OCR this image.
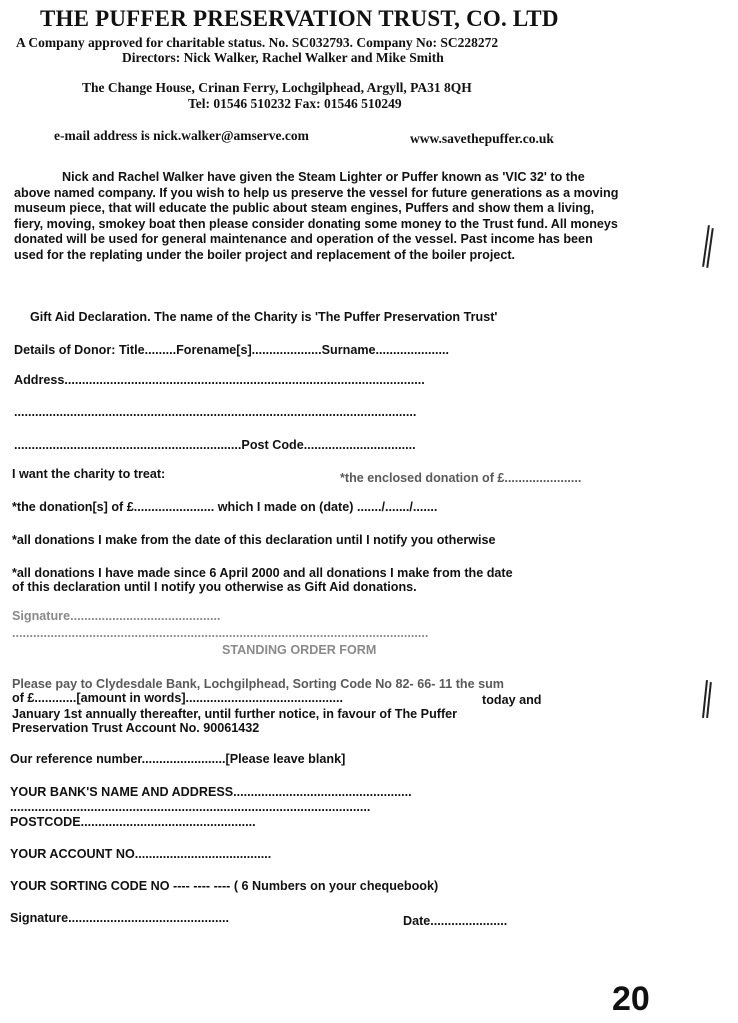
THE PUFFER PRESERVATION TRUST, CO. LTD
A Company approved for charitable status. No. SC032793. Company No: SC228272
Directors: Nick Walker, Rachel Walker and Mike Smith
The Change House, Crinan Ferry, Lochgilphead, Argyll, PA31 8QH
Tel: 01546 510232 Fax: 01546 510249
e-mail address is nick.walker@amserve.com	www.savethepuffer.co.uk
Nick and Rachel Walker have given the Steam Lighter or Puffer known as 'VIC 32' to the above named company. If you wish to help us preserve the vessel for future generations as a moving museum piece, that will educate the public about steam engines, Puffers and show them a living, fiery, moving, smokey boat then please consider donating some money to the Trust fund. All moneys donated will be used for general maintenance and operation of the vessel. Past income has been used for the replating under the boiler project and replacement of the boiler project.
Gift Aid Declaration. The name of the Charity is 'The Puffer Preservation Trust'
Details of Donor: Title.........Forename[s]....................Surname.....................
Address.......................................................................................................
...................................................................................................................
.................................................................Post Code................................
I want the charity to treat:	*the enclosed donation of £......................
*the donation[s] of £....................... which I made on (date) ......./......./.......
*all donations I make from the date of this declaration until I notify you otherwise
*all donations I have made since 6 April 2000 and all donations I make from the date
of this declaration until I notify you otherwise as Gift Aid donations.
Signature...........................................
.......................................................................................................................
STANDING ORDER FORM
Please pay to Clydesdale Bank, Lochgilphead, Sorting Code No 82- 66- 11 the sum
of £............[amount in words].............................................	today and
January 1st annually thereafter, until further notice, in favour of The Puffer
Preservation Trust Account No. 90061432
Our reference number........................[Please leave blank]
YOUR BANK'S NAME AND ADDRESS...................................................
.......................................................................................................
POSTCODE..................................................
YOUR ACCOUNT NO.......................................
YOUR SORTING CODE NO ---- ---- ---- ( 6 Numbers on your chequebook)
Signature..............................................	Date......................
20
